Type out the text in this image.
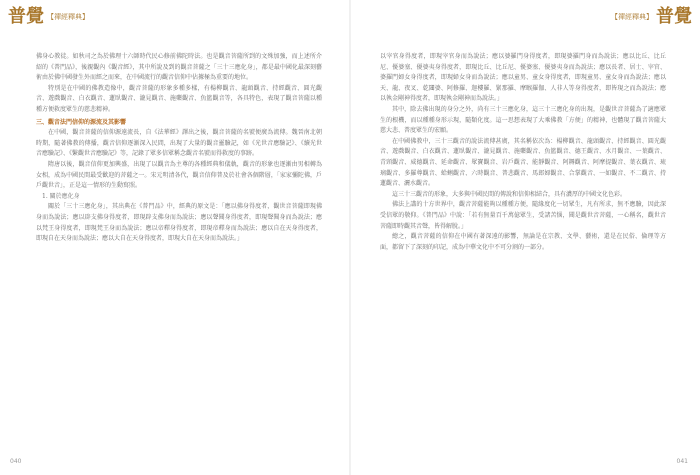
普覺 【禪經釋典】

佛身心教徒。如秋司之為於佛理十六師時代民心修前佛陀時法。也是觀音菩薩所到的文殊加強，而上述所介紹的《普門品》，後親觀內《觀音經》，其中所說及到的觀音菩薩之「三十三應化身」，都是最中國化最深刻藝術由於佛中國發生外而經之而來，在中國流行的觀音信仰中佔據極為重要的地位。

特別是在中國的佛教造像中，觀音菩薩的形象多種多樣，有楊柳觀音、龍頭觀音、持經觀音、圓光觀音、遊戲觀音、白衣觀音、蓮臥觀音、瀧見觀音、施藥觀音、魚籃觀音等，各具特色，表現了觀音菩薩以種種方便救度眾生的慈悲精神。

三、觀音法門信仰的源流及其影響

在中國，觀音菩薩的信仰源遠流長，自《法華經》譯出之後，觀音菩薩的名號便廣為流傳。魏晉南北朝時期，隨著佛教的傳播，觀音信仰逐漸深入民間，出現了大量的觀音靈驗記，如《光世音應驗記》、《續光世音應驗記》、《繫觀世音應驗記》等，記錄了眾多信眾稱念觀音名號而得救度的事跡。

隋唐以後，觀音信仰更加興盛，出現了以觀音為主尊的各種經典和儀軌，觀音的形象也逐漸由男相轉為女相，成為中國民間最受歡迎的菩薩之一。宋元明清各代，觀音信仰普及於社會各個階層，「家家彌陀佛，戶戶觀世音」，正是這一情形的生動寫照。

1. 關於應化身

關於「三十三應化身」，其出典在《普門品》中，經典的原文是：「應以佛身得度者，觀世音菩薩即現佛身而為說法；應以辟支佛身得度者，即現辟支佛身而為說法；應以聲聞身得度者，即現聲聞身而為說法；應以梵王身得度者，即現梵王身而為說法；應以帝釋身得度者，即現帝釋身而為說法；應以自在天身得度者，即現自在天身而為說法；應以大自在天身得度者，即現大自在天身而為說法。」

040
【禪經釋典】 普覺

以宰官身得度者，即現宰官身而為說法；應以婆羅門身得度者，即現婆羅門身而為說法；應以比丘、比丘尼、優婆塞、優婆夷身得度者，即現比丘、比丘尼、優婆塞、優婆夷身而為說法；應以長者、居士、宰官、婆羅門婦女身得度者，即現婦女身而為說法；應以童男、童女身得度者，即現童男、童女身而為說法；應以天、龍、夜叉、乾闥婆、阿修羅、迦樓羅、緊那羅、摩睺羅伽、人非人等身得度者，即皆現之而為說法；應以執金剛神得度者，即現執金剛神而為說法。」

其中，除去佛出現的身分之外，尚有三十三應化身，這三十三應化身的出現，是觀世音菩薩為了適應眾生的根機，而以種種身形示現，隨類化度。這一思想表現了大乘佛教「方便」的精神，也體現了觀音菩薩大慈大悲、普度眾生的宏願。

在中國佛教中，三十三觀音的說法流傳甚廣，其名稱依次為：楊柳觀音、龍頭觀音、持經觀音、圓光觀音、遊戲觀音、白衣觀音、蓮臥觀音、瀧見觀音、施藥觀音、魚籃觀音、德王觀音、水月觀音、一葉觀音、青頸觀音、威德觀音、延命觀音、眾寶觀音、岩戶觀音、能靜觀音、阿耨觀音、阿摩提觀音、葉衣觀音、琉璃觀音、多羅尊觀音、蛤蜊觀音、六時觀音、普悲觀音、馬郎婦觀音、合掌觀音、一如觀音、不二觀音、持蓮觀音、灑水觀音。

這三十三觀音的形象，大多與中國民間的傳說和信仰相結合，具有濃厚的中國文化色彩。

佛法上講的十方世界中，觀音菩薩能夠以種種方便，隨緣度化一切眾生，凡有所求，無不應驗，因此深受信眾的敬仰。《普門品》中說：「若有無量百千萬億眾生，受諸苦惱，聞是觀世音菩薩，一心稱名，觀世音菩薩即時觀其音聲，皆得解脫。」

總之，觀音菩薩的信仰在中國有著深遠的影響，無論是在宗教、文學、藝術，還是在民俗、倫理等方面，都留下了深刻的印記，成為中華文化中不可分割的一部分。

041
